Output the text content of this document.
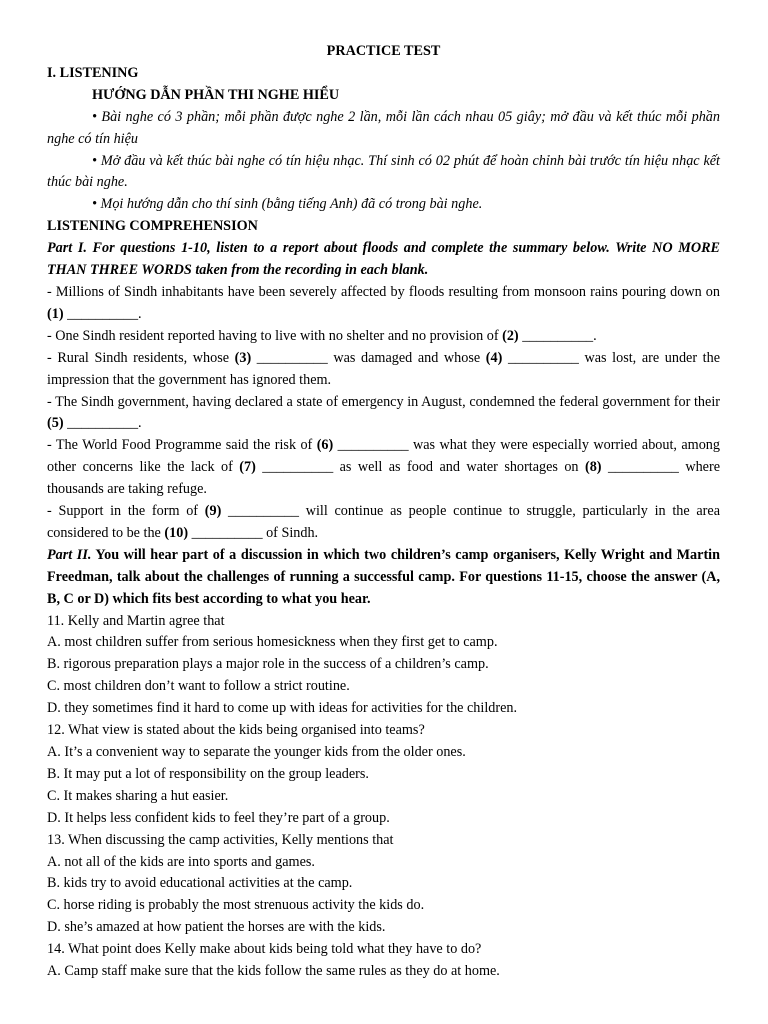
PRACTICE TEST

I. LISTENING

HƯỚNG DẪN PHẦN THI NGHE HIỂU

• Bài nghe có 3 phần; mỗi phần được nghe 2 lần, mỗi lần cách nhau 05 giây; mở đầu và kết thúc mỗi phần nghe có tín hiệu

• Mở đầu và kết thúc bài nghe có tín hiệu nhạc. Thí sinh có 02 phút để hoàn chỉnh bài trước tín hiệu nhạc kết thúc bài nghe.

• Mọi hướng dẫn cho thí sinh (bằng tiếng Anh) đã có trong bài nghe.

LISTENING COMPREHENSION

Part I. For questions 1-10, listen to a report about floods and complete the summary below. Write NO MORE THAN THREE WORDS taken from the recording in each blank.

- Millions of Sindh inhabitants have been severely affected by floods resulting from monsoon rains pouring down on (1) __________.

- One Sindh resident reported having to live with no shelter and no provision of (2) __________.

- Rural Sindh residents, whose (3) __________ was damaged and whose (4) __________ was lost, are under the impression that the government has ignored them.

- The Sindh government, having declared a state of emergency in August, condemned the federal government for their (5) __________.

- The World Food Programme said the risk of (6) __________ was what they were especially worried about, among other concerns like the lack of (7) __________ as well as food and water shortages on (8) __________ where thousands are taking refuge.

- Support in the form of (9) __________ will continue as people continue to struggle, particularly in the area considered to be the (10) __________ of Sindh.

Part II. You will hear part of a discussion in which two children’s camp organisers, Kelly Wright and Martin Freedman, talk about the challenges of running a successful camp. For questions 11-15, choose the answer (A, B, C or D) which fits best according to what you hear.

11. Kelly and Martin agree that

A. most children suffer from serious homesickness when they first get to camp.

B. rigorous preparation plays a major role in the success of a children’s camp.

C. most children don’t want to follow a strict routine.

D. they sometimes find it hard to come up with ideas for activities for the children.

12. What view is stated about the kids being organised into teams?

A. It’s a convenient way to separate the younger kids from the older ones.

B. It may put a lot of responsibility on the group leaders.

C. It makes sharing a hut easier.

D. It helps less confident kids to feel they’re part of a group.

13. When discussing the camp activities, Kelly mentions that

A. not all of the kids are into sports and games.

B. kids try to avoid educational activities at the camp.

C. horse riding is probably the most strenuous activity the kids do.

D. she’s amazed at how patient the horses are with the kids.

14. What point does Kelly make about kids being told what they have to do?

A. Camp staff make sure that the kids follow the same rules as they do at home.
